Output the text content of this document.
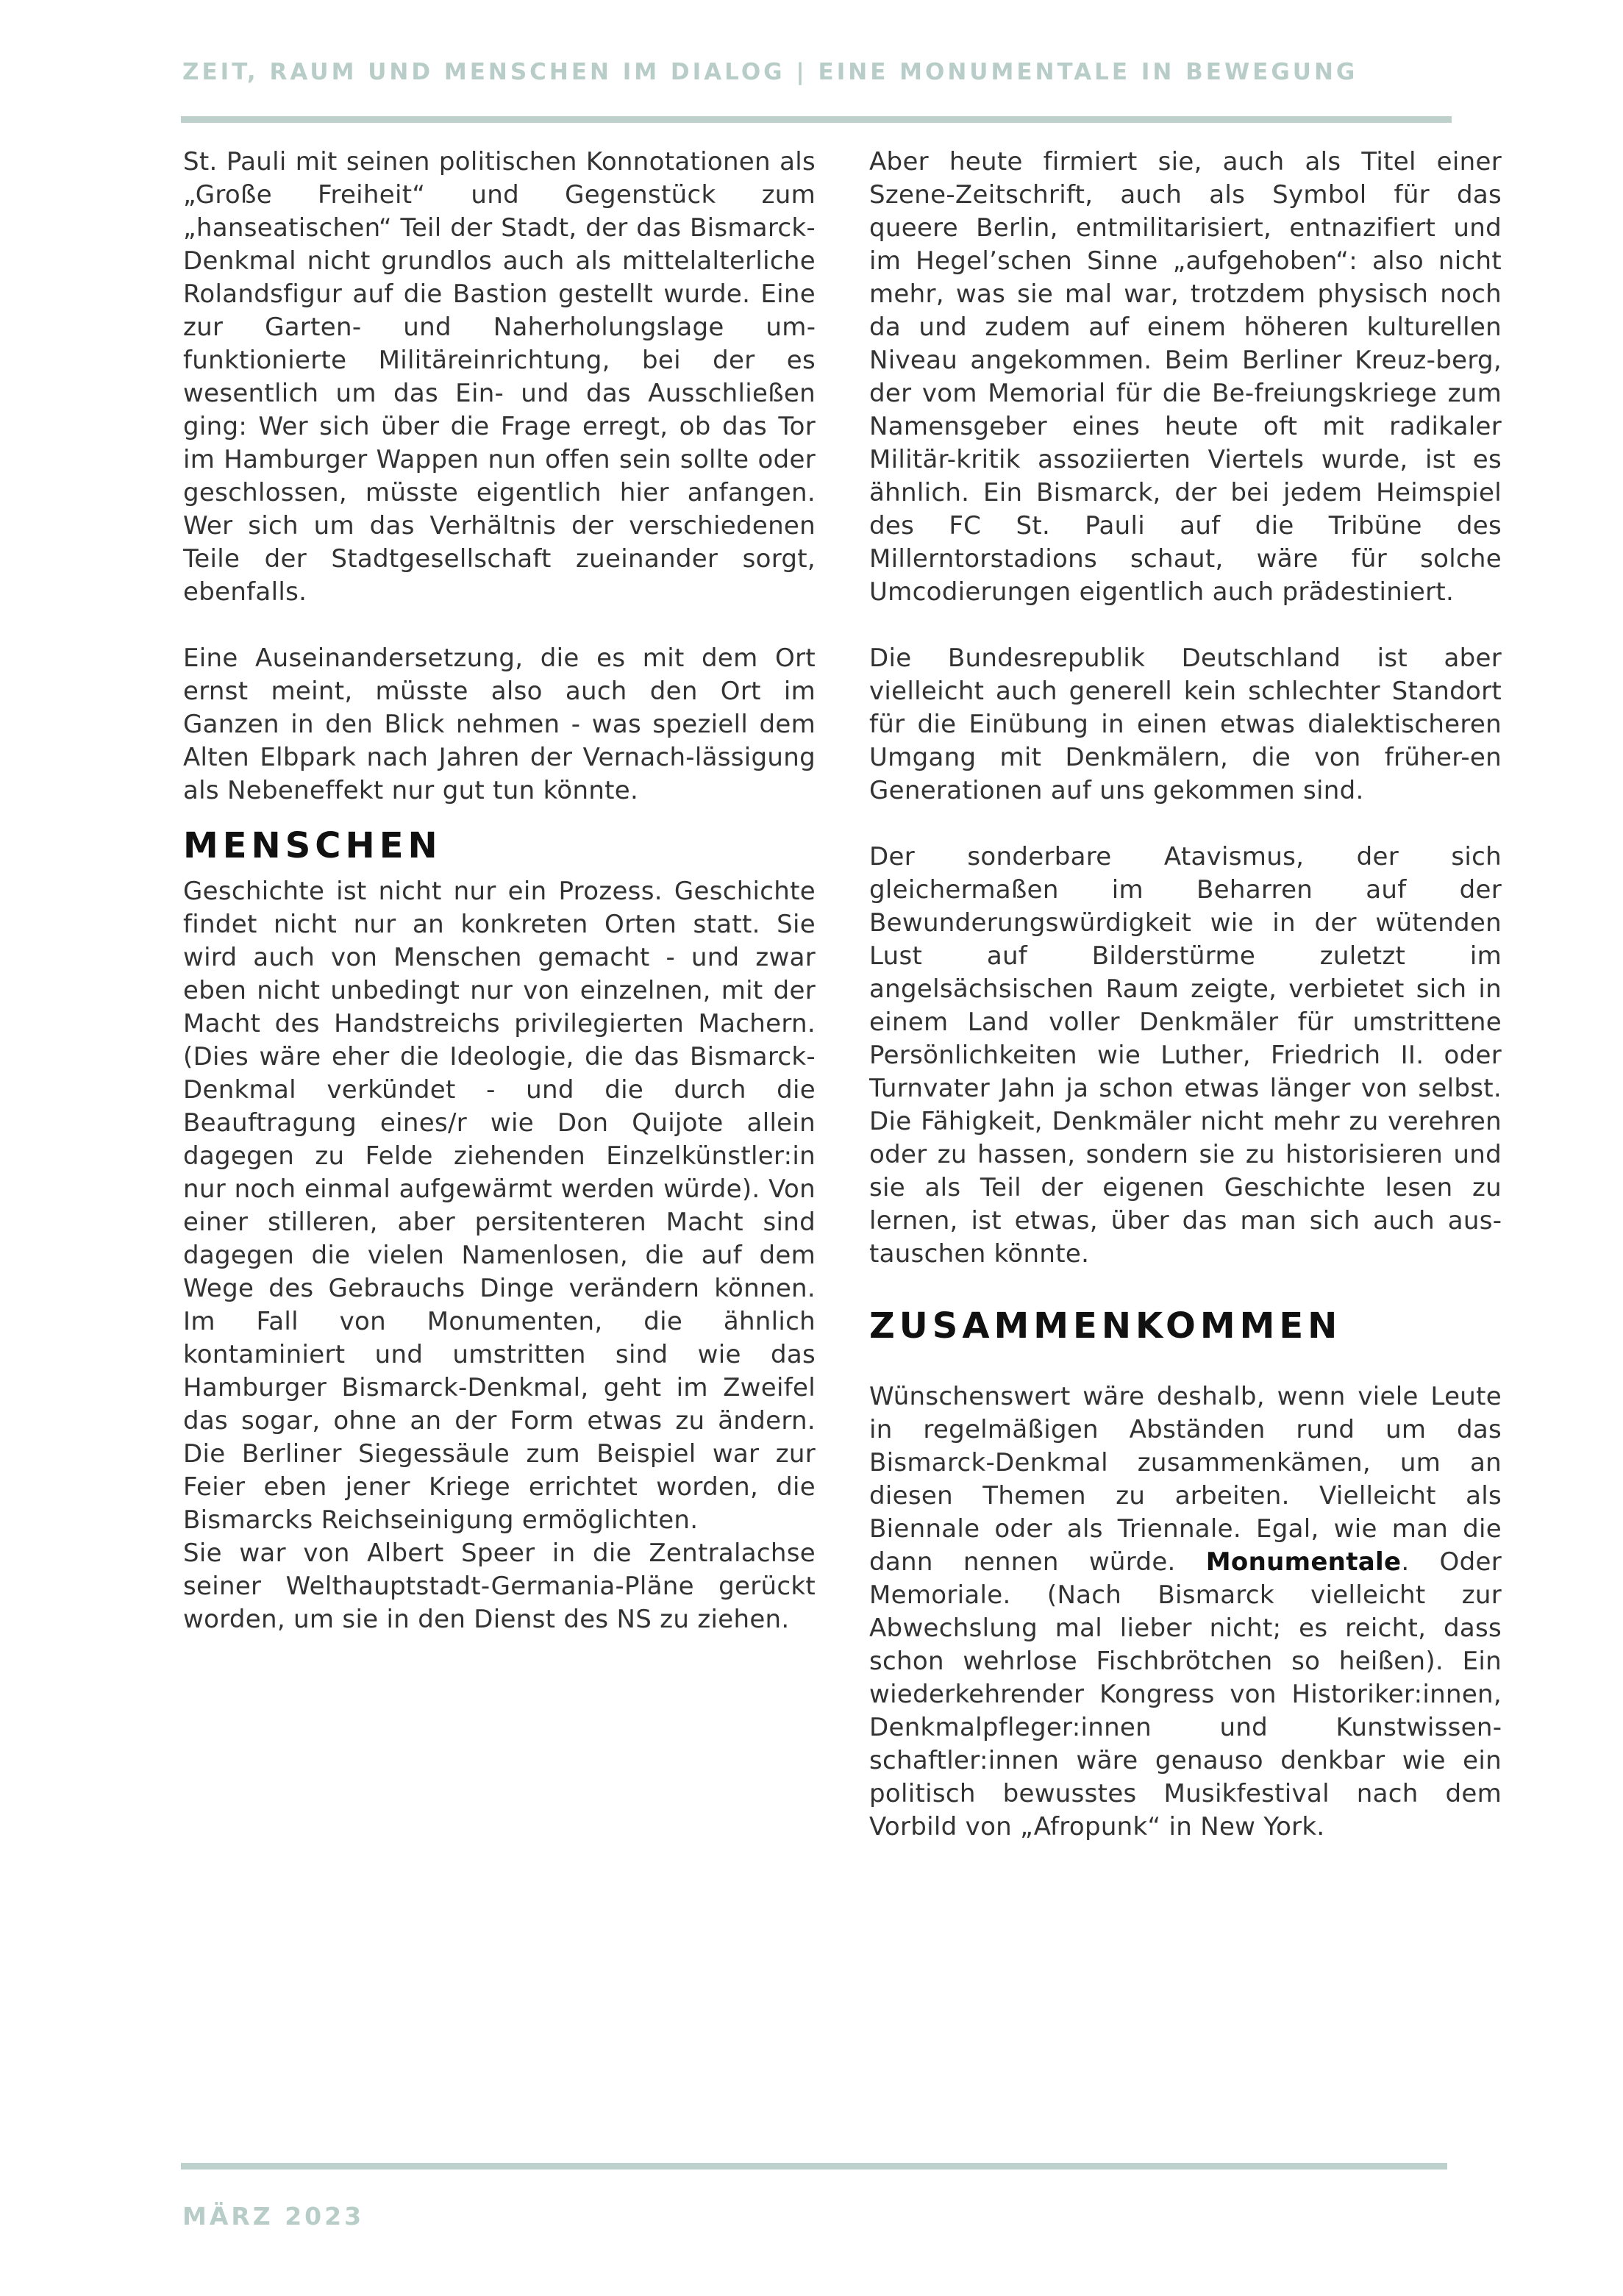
ZEIT, RAUM UND MENSCHEN IM DIALOG | EINE MONUMENTALE IN BEWEGUNG

St. Pauli mit seinen politischen Konnotationen als „Große Freiheit“ und Gegenstück zum „hanseatischen“ Teil der Stadt, der das Bismarck-Denkmal nicht grundlos auch als mittelalterliche Rolandsfigur auf die Bastion gestellt wurde. Eine zur Garten- und Naherholungslage umfunktionierte Militäreinrichtung, bei der es wesentlich um das Ein- und das Ausschließen ging: Wer sich über die Frage erregt, ob das Tor im Hamburger Wappen nun offen sein sollte oder geschlossen, müsste eigentlich hier anfangen. Wer sich um das Verhältnis der verschiedenen Teile der Stadtgesellschaft zueinander sorgt, ebenfalls.

Eine Auseinandersetzung, die es mit dem Ort ernst meint, müsste also auch den Ort im Ganzen in den Blick nehmen - was speziell dem Alten Elbpark nach Jahren der Vernach-lässigung als Nebeneffekt nur gut tun könnte.

MENSCHEN

Geschichte ist nicht nur ein Prozess. Geschichte findet nicht nur an konkreten Orten statt. Sie wird auch von Menschen gemacht - und zwar eben nicht unbedingt nur von einzelnen, mit der Macht des Handstreichs privilegierten Machern. (Dies wäre eher die Ideologie, die das Bismarck-Denkmal verkündet - und die durch die Beauftragung eines/r wie Don Quijote allein dagegen zu Felde ziehenden Einzelkünstler:in nur noch einmal aufgewärmt werden würde). Von einer stilleren, aber persitenteren Macht sind dagegen die vielen Namenlosen, die auf dem Wege des Gebrauchs Dinge verändern können. Im Fall von Monumenten, die ähnlich kontaminiert und umstritten sind wie das Hamburger Bismarck-Denkmal, geht im Zweifel das sogar, ohne an der Form etwas zu ändern. Die Berliner Siegessäule zum Beispiel war zur Feier eben jener Kriege errichtet worden, die Bismarcks Reichseinigung ermöglichten.

Sie war von Albert Speer in die Zentralachse seiner Welthauptstadt-Germania-Pläne gerückt worden, um sie in den Dienst des NS zu ziehen.

Aber heute firmiert sie, auch als Titel einer Szene-Zeitschrift, auch als Symbol für das queere Berlin, entmilitarisiert, entnazifiert und im Hegel’schen Sinne „aufgehoben“: also nicht mehr, was sie mal war, trotzdem physisch noch da und zudem auf einem höheren kulturellen Niveau angekommen. Beim Berliner Kreuz-berg, der vom Memorial für die Be-freiungskriege zum Namensgeber eines heute oft mit radikaler Militär-kritik assoziierten Viertels wurde, ist es ähnlich. Ein Bismarck, der bei jedem Heimspiel des FC St. Pauli auf die Tribüne des Millerntorstadions schaut, wäre für solche Umcodierungen eigentlich auch prädestiniert.

Die Bundesrepublik Deutschland ist aber vielleicht auch generell kein schlechter Standort für die Einübung in einen etwas dialektischeren Umgang mit Denkmälern, die von früher-en Generationen auf uns gekommen sind.

Der sonderbare Atavismus, der sich gleichermaßen im Beharren auf der Bewunderungswürdigkeit wie in der wütenden Lust auf Bilderstürme zuletzt im angelsächsischen Raum zeigte, verbietet sich in einem Land voller Denkmäler für umstrittene Persönlichkeiten wie Luther, Friedrich II. oder Turnvater Jahn ja schon etwas länger von selbst. Die Fähigkeit, Denkmäler nicht mehr zu verehren oder zu hassen, sondern sie zu historisieren und sie als Teil der eigenen Geschichte lesen zu lernen, ist etwas, über das man sich auch austauschen könnte.

ZUSAMMENKOMMEN

Wünschenswert wäre deshalb, wenn viele Leute in regelmäßigen Abständen rund um das Bismarck-Denkmal zusammenkämen, um an diesen Themen zu arbeiten. Vielleicht als Biennale oder als Triennale. Egal, wie man die dann nennen würde. Monumentale. Oder Memoriale. (Nach Bismarck vielleicht zur Abwechslung mal lieber nicht; es reicht, dass schon wehrlose Fischbrötchen so heißen). Ein wiederkehrender Kongress von Historiker:innen, Denkmalpfleger:innen und Kunstwissenschaftler:innen wäre genauso denkbar wie ein politisch bewusstes Musikfestival nach dem Vorbild von „Afropunk“ in New York.

MÄRZ 2023
